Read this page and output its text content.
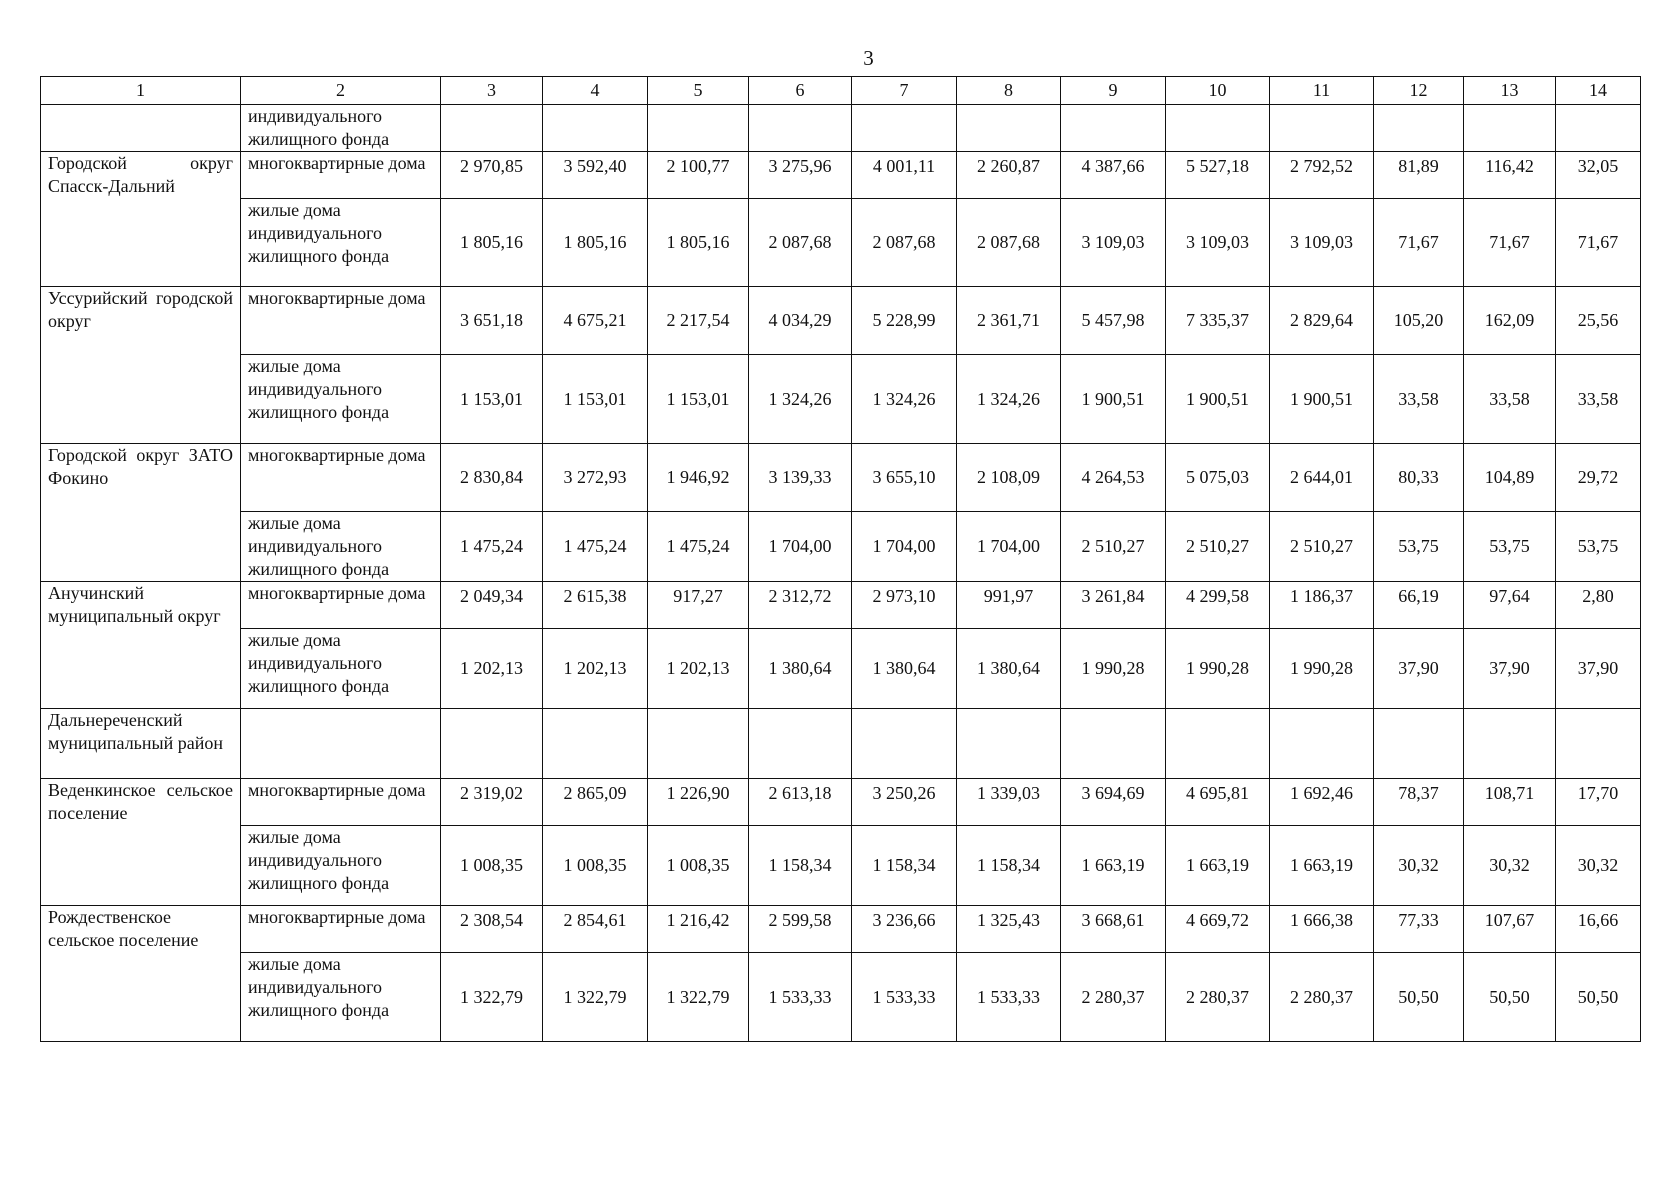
3
1	2	3	4	5	6	7	8	9	10	11	12	13	14
	индивидуального жилищного фонда												
Городской округ Спасск-Дальний	многоквартирные дома	2 970,85	3 592,40	2 100,77	3 275,96	4 001,11	2 260,87	4 387,66	5 527,18	2 792,52	81,89	116,42	32,05
	жилые дома индивидуального жилищного фонда	1 805,16	1 805,16	1 805,16	2 087,68	2 087,68	2 087,68	3 109,03	3 109,03	3 109,03	71,67	71,67	71,67
Уссурийский городской округ	многоквартирные дома	3 651,18	4 675,21	2 217,54	4 034,29	5 228,99	2 361,71	5 457,98	7 335,37	2 829,64	105,20	162,09	25,56
	жилые дома индивидуального жилищного фонда	1 153,01	1 153,01	1 153,01	1 324,26	1 324,26	1 324,26	1 900,51	1 900,51	1 900,51	33,58	33,58	33,58
Городской округ ЗАТО Фокино	многоквартирные дома	2 830,84	3 272,93	1 946,92	3 139,33	3 655,10	2 108,09	4 264,53	5 075,03	2 644,01	80,33	104,89	29,72
	жилые дома индивидуального жилищного фонда	1 475,24	1 475,24	1 475,24	1 704,00	1 704,00	1 704,00	2 510,27	2 510,27	2 510,27	53,75	53,75	53,75
Анучинский муниципальный округ	многоквартирные дома	2 049,34	2 615,38	917,27	2 312,72	2 973,10	991,97	3 261,84	4 299,58	1 186,37	66,19	97,64	2,80
	жилые дома индивидуального жилищного фонда	1 202,13	1 202,13	1 202,13	1 380,64	1 380,64	1 380,64	1 990,28	1 990,28	1 990,28	37,90	37,90	37,90
Дальнереченский муниципальный район													
Веденкинское сельское поселение	многоквартирные дома	2 319,02	2 865,09	1 226,90	2 613,18	3 250,26	1 339,03	3 694,69	4 695,81	1 692,46	78,37	108,71	17,70
	жилые дома индивидуального жилищного фонда	1 008,35	1 008,35	1 008,35	1 158,34	1 158,34	1 158,34	1 663,19	1 663,19	1 663,19	30,32	30,32	30,32
Рождественское сельское поселение	многоквартирные дома	2 308,54	2 854,61	1 216,42	2 599,58	3 236,66	1 325,43	3 668,61	4 669,72	1 666,38	77,33	107,67	16,66
	жилые дома индивидуального жилищного фонда	1 322,79	1 322,79	1 322,79	1 533,33	1 533,33	1 533,33	2 280,37	2 280,37	2 280,37	50,50	50,50	50,50
